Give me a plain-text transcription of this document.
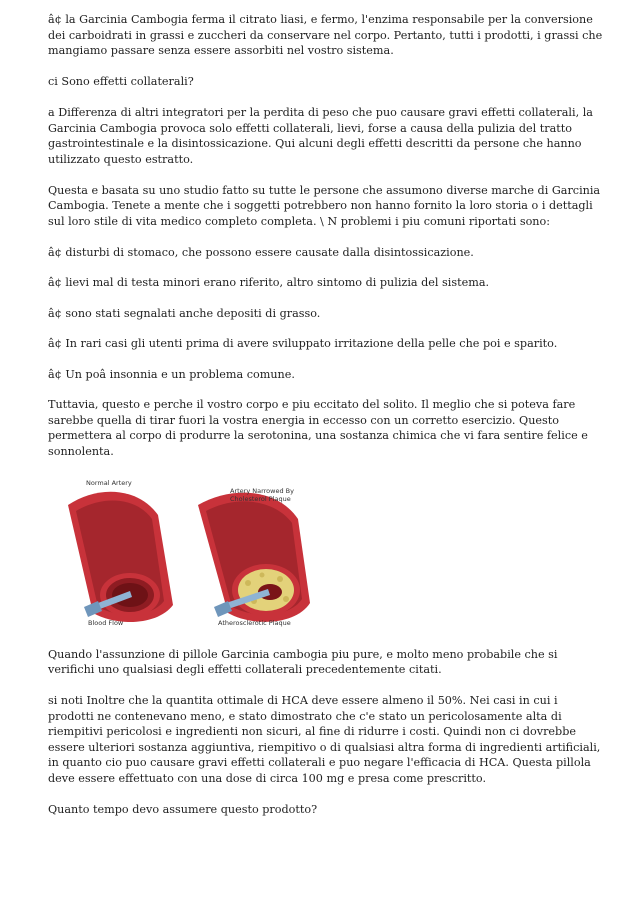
â¢ la Garcinia Cambogia ferma il citrato liasi, e fermo, l'enzima responsabile per la conversione dei carboidrati in grassi e zuccheri da conservare nel corpo. Pertanto, tutti i prodotti, i grassi che mangiamo passare senza essere assorbiti nel vostro sistema.

ci Sono effetti collaterali?

a Differenza di altri integratori per la perdita di peso che puo causare gravi effetti collaterali, la Garcinia Cambogia provoca solo effetti collaterali, lievi, forse a causa della pulizia del tratto gastrointestinale e la disintossicazione. Qui alcuni degli effetti descritti da persone che hanno utilizzato questo estratto.

Questa e basata su uno studio fatto su tutte le persone che assumono diverse marche di Garcinia Cambogia. Tenete a mente che i soggetti potrebbero non hanno fornito la loro storia o i dettagli sul loro stile di vita medico completo completa. \ N problemi i piu comuni riportati sono:

â¢ disturbi di stomaco, che possono essere causate dalla disintossicazione.

â¢ lievi mal di testa minori erano riferito, altro sintomo di pulizia del sistema.

â¢ sono stati segnalati anche depositi di grasso.

â¢ In rari casi gli utenti prima di avere sviluppato irritazione della pelle che poi e sparito.

â¢ Un poâ insonnia e un problema comune.

Tuttavia, questo e perche il vostro corpo e piu eccitato del solito. Il meglio che si poteva fare sarebbe quella di tirar fuori la vostra energia in eccesso con un corretto esercizio. Questo permettera al corpo di produrre la serotonina, una sostanza chimica che vi fara sentire felice e sonnolenta.

Normal Artery
Artery Narrowed By
Cholesterol Plaque
Blood Flow	Atherosclerotic Plaque

Quando l'assunzione di pillole Garcinia cambogia piu pure, e molto meno probabile che si verifichi uno qualsiasi degli effetti collaterali precedentemente citati.

si noti Inoltre che la quantita ottimale di HCA deve essere almeno il 50%. Nei casi in cui i prodotti ne contenevano meno, e stato dimostrato che c'e stato un pericolosamente alta di riempitivi pericolosi e ingredienti non sicuri, al fine di ridurre i costi. Quindi non ci dovrebbe essere ulteriori sostanza aggiuntiva, riempitivo o di qualsiasi altra forma di ingredienti artificiali, in quanto cio puo causare gravi effetti collaterali e puo negare l'efficacia di HCA. Questa pillola deve essere effettuato con una dose di circa 100 mg e presa come prescritto.

Quanto tempo devo assumere questo prodotto?
